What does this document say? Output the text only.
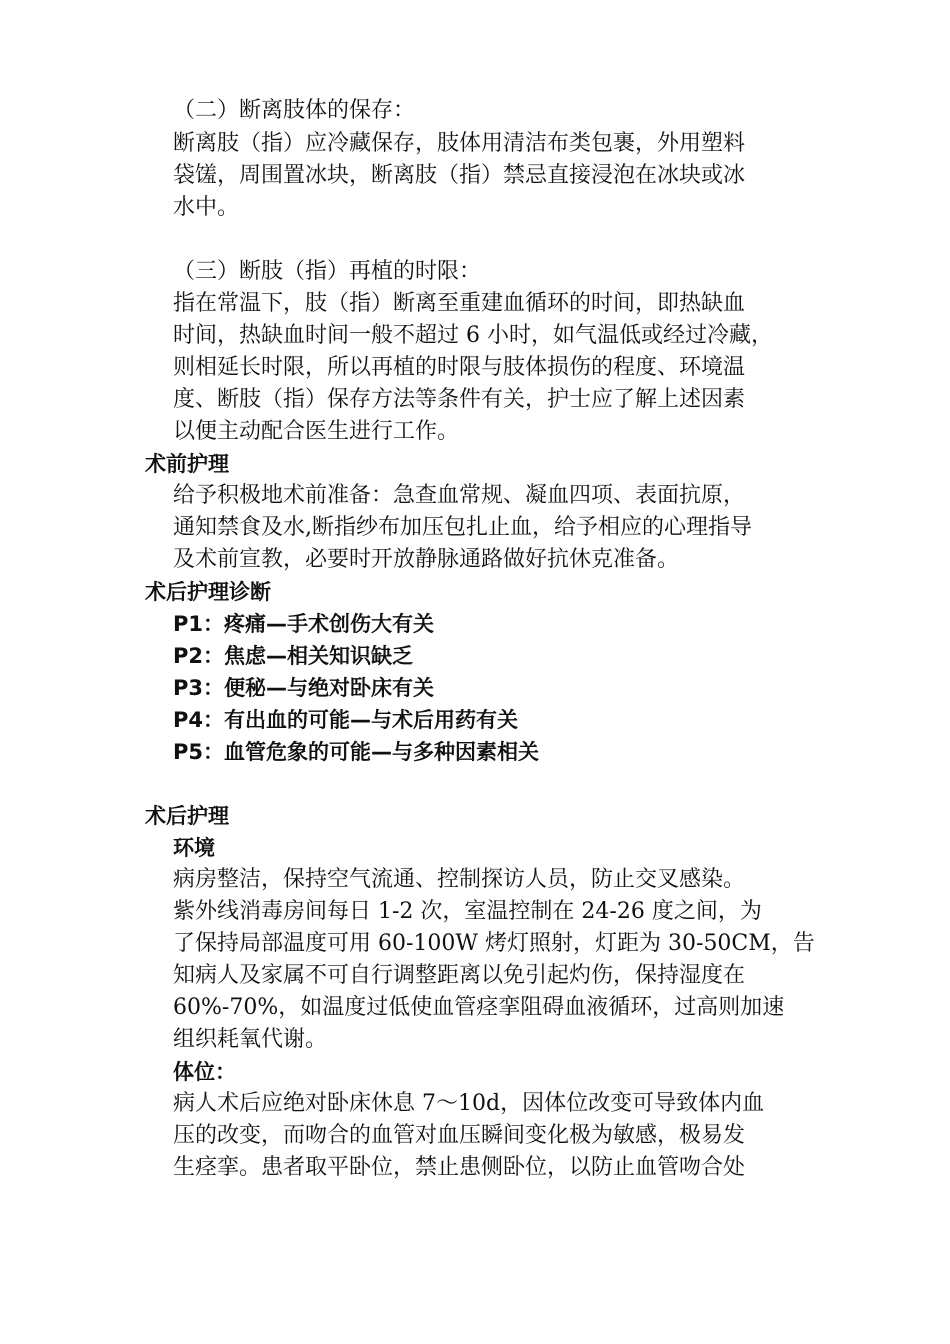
（二）断离肢体的保存：
断离肢（指）应冷藏保存，肢体用清洁布类包裹，外用塑料
袋馐，周围置冰块，断离肢（指）禁忌直接浸泡在冰块或冰
水中。
（三）断肢（指）再植的时限：
指在常温下，肢（指）断离至重建血循环的时间，即热缺血
时间，热缺血时间一般不超过 6 小时，如气温低或经过冷藏，
则相延长时限，所以再植的时限与肢体损伤的程度、环境温
度、断肢（指）保存方法等条件有关，护士应了解上述因素
以便主动配合医生进行工作。
术前护理
给予积极地术前准备：急查血常规、凝血四项、表面抗原，
通知禁食及水,断指纱布加压包扎止血，给予相应的心理指导
及术前宣教，必要时开放静脉通路做好抗休克准备。
术后护理诊断
P1：疼痛—手术创伤大有关
P2：焦虑—相关知识缺乏
P3：便秘—与绝对卧床有关
P4：有出血的可能—与术后用药有关
P5：血管危象的可能—与多种因素相关
术后护理
环境
病房整洁，保持空气流通、控制探访人员，防止交叉感染。
紫外线消毒房间每日 1-2 次，室温控制在 24-26 度之间，为
了保持局部温度可用 60-100W 烤灯照射，灯距为 30-50CM，告
知病人及家属不可自行调整距离以免引起灼伤，保持湿度在
60%-70%，如温度过低使血管痉挛阻碍血液循环，过高则加速
组织耗氧代谢。
体位：
病人术后应绝对卧床休息 7～10d，因体位改变可导致体内血
压的改变，而吻合的血管对血压瞬间变化极为敏感，极易发
生痉挛。患者取平卧位，禁止患侧卧位，以防止血管吻合处
